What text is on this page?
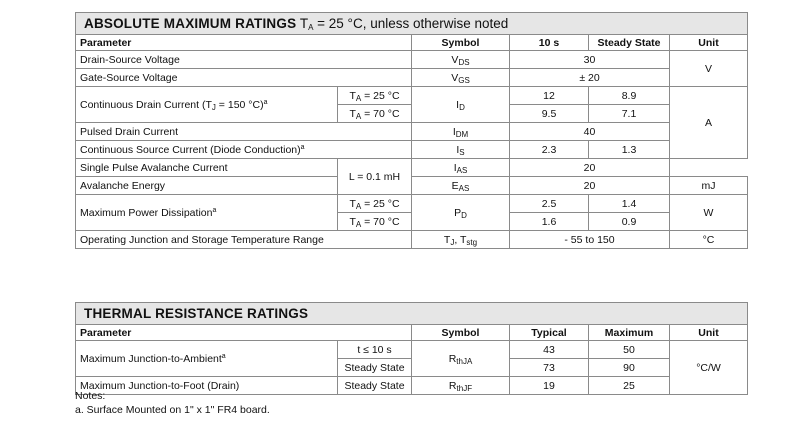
ABSOLUTE MAXIMUM RATINGS $T_A = 25$ °C, unless otherwise noted					
Parameter		Symbol	10 s	Steady State	Unit
Drain-Source Voltage		$V_{DS}$	30		V
Gate-Source Voltage		$V_{GS}$	± 20		
Continuous Drain Current ($T_J = 150$ °C)$^a$	$T_A = 25$ °C	$I_D$	12	8.9	A
	$T_A = 70$ °C		9.5	7.1	
Pulsed Drain Current		$I_{DM}$	40		
Continuous Source Current (Diode Conduction)$^a$		$I_S$	2.3	1.3	
Single Pulse Avalanche Current	L = 0.1 mH	$I_{AS}$	20		
Avalanche Energy		$E_{AS}$	20		mJ
Maximum Power Dissipation$^a$	$T_A = 25$ °C	$P_D$	2.5	1.4	W
	$T_A = 70$ °C		1.6	0.9	
Operating Junction and Storage Temperature Range		$T_J$, $T_{stg}$	- 55 to 150		°C
THERMAL RESISTANCE RATINGS					
Parameter		Symbol	Typical	Maximum	Unit
Maximum Junction-to-Ambient$^a$	t ≤ 10 s	$R_{thJA}$	43	50	°C/W
	Steady State		73	90	
Maximum Junction-to-Foot (Drain)	Steady State	$R_{thJF}$	19	25	
Notes:
a. Surface Mounted on 1" x 1" FR4 board.
